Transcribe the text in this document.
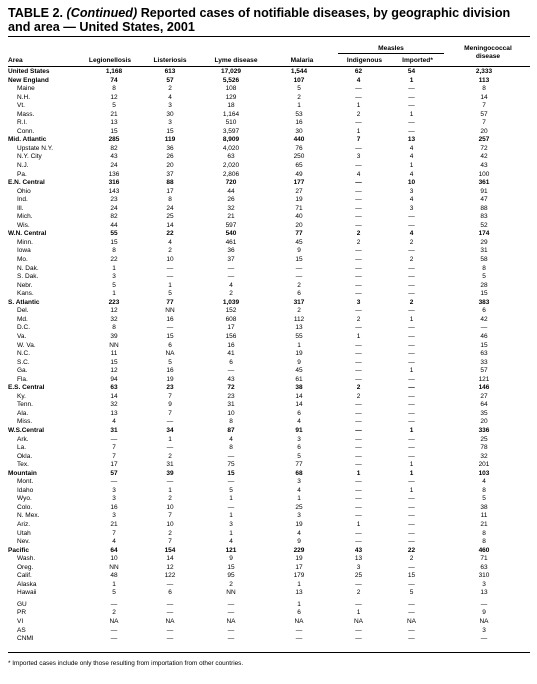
TABLE 2. (Continued) Reported cases of notifiable diseases, by geographic division and area — United States, 2001
Area	Legionellosis	Listeriosis	Lyme disease	Malaria
Measles
Indigenous	Imported*
Meningococcal disease
United States	1,168	613	17,029	1,544	62	54	2,333
New England	74	57	5,526	107	4	1	113
Maine	8	2	108	5	—	—	8
N.H.	12	4	129	2	—	—	14
Vt.	5	3	18	1	1	—	7
Mass.	21	30	1,164	53	2	1	57
R.I.	13	3	510	16	—	—	7
Conn.	15	15	3,597	30	1	—	20
Mid. Atlantic	285	119	8,909	440	7	13	257
Upstate N.Y.	82	36	4,020	76	—	4	72
N.Y. City	43	26	63	250	3	4	42
N.J.	24	20	2,020	65	—	1	43
Pa.	136	37	2,806	49	4	4	100
E.N. Central	316	88	720	177	—	10	361
Ohio	143	17	44	27	—	3	91
Ind.	23	8	26	19	—	4	47
Ill.	24	24	32	71	—	3	88
Mich.	82	25	21	40	—	—	83
Wis.	44	14	597	20	—	—	52
W.N. Central	55	22	540	77	2	4	174
Minn.	15	4	461	45	2	2	29
Iowa	8	2	36	9	—	—	31
Mo.	22	10	37	15	—	2	58
N. Dak.	1	—	—	—	—	—	8
S. Dak.	3	—	—	—	—	—	5
Nebr.	5	1	4	2	—	—	28
Kans.	1	5	2	6	—	—	15
S. Atlantic	223	77	1,039	317	3	2	383
Del.	12	NN	152	2	—	—	6
Md.	32	16	608	112	2	1	42
D.C.	8	—	17	13	—	—	—
Va.	39	15	156	55	1	—	46
W. Va.	NN	6	16	1	—	—	15
N.C.	11	NA	41	19	—	—	63
S.C.	15	5	6	9	—	—	33
Ga.	12	16	—	45	—	1	57
Fla.	94	19	43	61	—	—	121
E.S. Central	63	23	72	38	2	—	146
Ky.	14	7	23	14	2	—	27
Tenn.	32	9	31	14	—	—	64
Ala.	13	7	10	6	—	—	35
Miss.	4	—	8	4	—	—	20
W.S.Central	31	34	87	91	—	1	336
Ark.	—	1	4	3	—	—	25
La.	7	—	8	6	—	—	78
Okla.	7	2	—	5	—	—	32
Tex.	17	31	75	77	—	1	201
Mountain	57	39	15	68	1	1	103
Mont.	—	—	—	3	—	—	4
Idaho	3	1	5	4	—	1	8
Wyo.	3	2	1	1	—	—	5
Colo.	16	10	—	25	—	—	38
N. Mex.	3	7	1	3	—	—	11
Ariz.	21	10	3	19	1	—	21
Utah	7	2	1	4	—	—	8
Nev.	4	7	4	9	—	—	8
Pacific	64	154	121	229	43	22	460
Wash.	10	14	9	19	13	2	71
Oreg.	NN	12	15	17	3	—	63
Calif.	48	122	95	179	25	15	310
Alaska	1	—	2	1	—	—	3
Hawaii	5	6	NN	13	2	5	13

GU	—	—	—	1	—	—	—
PR	2	—	—	6	1	—	9
VI	NA	NA	NA	NA	NA	NA	NA
AS	—	—	—	—	—	—	3
CNMI	—	—	—	—	—	—	—
* Imported cases include only those resulting from importation from other countries.
